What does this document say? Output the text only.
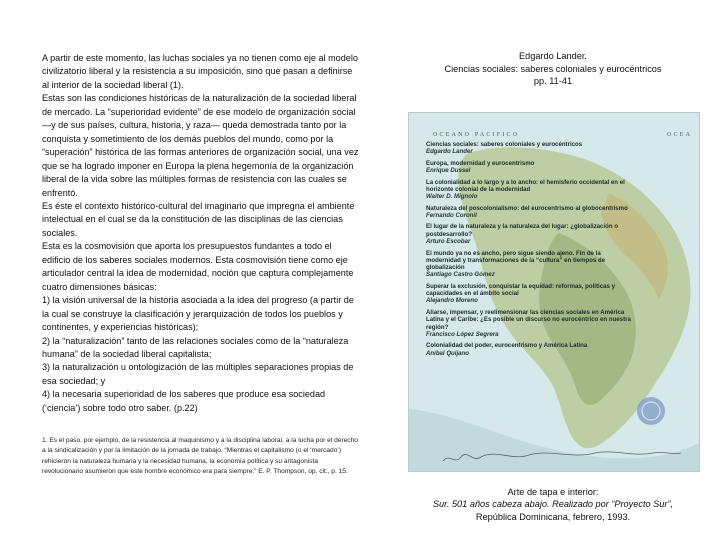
A partir de este momento, las luchas sociales ya no tienen como eje al modelo civilizatorio liberal y la resistencia a su imposición, sino que pasan a definirse al interior de la sociedad liberal (1).

Estas son las condiciones históricas de la naturalización de la sociedad liberal de mercado. La “superioridad evidente” de ese modelo de organización social —y de sus países, cultura, historia, y raza— queda demostrada tanto por la conquista y sometimiento de los demás pueblos del mundo, como por la “superación” histórica de las formas anteriores de organización social, una vez que se ha logrado imponer en Europa la plena hegemonía de la organización liberal de la vida sobre las múltiples formas de resistencia con las cuales se enfrentó.

Es éste el contexto histórico-cultural del imaginario que impregna el ambiente intelectual en el cual se da la constitución de las disciplinas de las ciencias sociales.

Esta es la cosmovisión que aporta los presupuestos fundantes a todo el edificio de los saberes sociales modernos. Esta cosmovisión tiene como eje articulador central la idea de modernidad, noción que captura complejamente cuatro dimensiones básicas:

1) la visión universal de la historia asociada a la idea del progreso (a partir de la cual se construye la clasificación y jerarquización de todos los pueblos y continentes, y experiencias históricas);

2) la “naturalización” tanto de las relaciones sociales como de la “naturaleza humana” de la sociedad liberal capitalista;

3) la naturalización u ontologización de las múltiples separaciones propias de esa sociedad; y

4) la necesaria superioridad de los saberes que produce esa sociedad (‘ciencia’) sobre todo otro saber. (p.22)

1. Es el paso, por ejemplo, de la resistencia al maquinismo y a la disciplina laboral, a la lucha por el derecho a la sindicalización y por la limitación de la jornada de trabajo. “Mientras el capitalismo (o el ‘mercado’) rehicieron la naturaleza humana y la necesidad humana, la economía política y su antagonista revolucionario asumieron que este hombre económico era para siempre.” E. P. Thompson, op. cit., p. 15.

Edgardo Lander.

Ciencias sociales: saberes coloniales y eurocéntricos

pp. 11-41

OCEANO PACIFICO	OCEA
Ciencias sociales: saberes coloniales y eurocéntricos
Edgardo Lander
Europa, modernidad y eurocentrismo
Enrique Dussel
La colonialidad a lo largo y a lo ancho: el hemisferio occidental en el horizonte colonial de la modernidad
Walter D. Mignolo
Naturaleza del poscolonialismo: del eurocentrismo al globocentrismo
Fernando Coronil
El lugar de la naturaleza y la naturaleza del lugar: ¿globalización o postdesarrollo?
Arturo Escobar
El mundo ya no es ancho, pero sigue siendo ajeno. Fin de la modernidad y transformaciones de la “cultura” en tiempos de globalización
Santiago Castro Gómez
Superar la exclusión, conquistar la equidad: reformas, políticas y capacidades en el ámbito social
Alejandro Moreno
Aliarse, impensar, y reelimensionar las ciencias sociales en América Latina y el Caribe: ¿Es posible un discurso no eurocéntrico en nuestra región?
Francisco López Segrera
Colonialidad del poder, eurocentrismo y América Latina
Aníbal Quijano

Arte de tapa e interior:

Sur. 501 años cabeza abajo. Realizado por “Proyecto Sur”,

República Dominicana, febrero, 1993.
